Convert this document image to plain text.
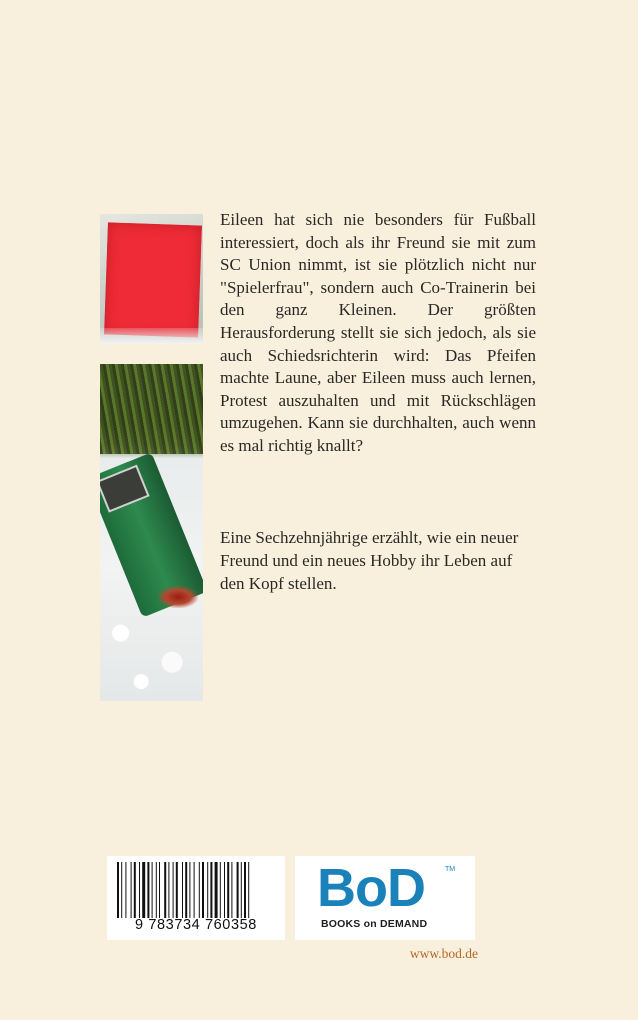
Eileen hat sich nie besonders für Fußball interessiert, doch als ihr Freund sie mit zum SC Union nimmt, ist sie plötzlich nicht nur "Spielerfrau", sondern auch Co-Trainerin bei den ganz Kleinen. Der größten Herausforderung stellt sie sich jedoch, als sie auch Schiedsrichterin wird: Das Pfeifen machte Laune, aber Eileen muss auch lernen, Protest auszuhalten und mit Rückschlägen umzugehen. Kann sie durchhalten, auch wenn es mal richtig knallt?

Eine Sechzehnjährige erzählt, wie ein neuer Freund und ein neues Hobby ihr Leben auf den Kopf stellen.

9 783734 760358
BoD	TM
BOOKS on DEMAND
www.bod.de
